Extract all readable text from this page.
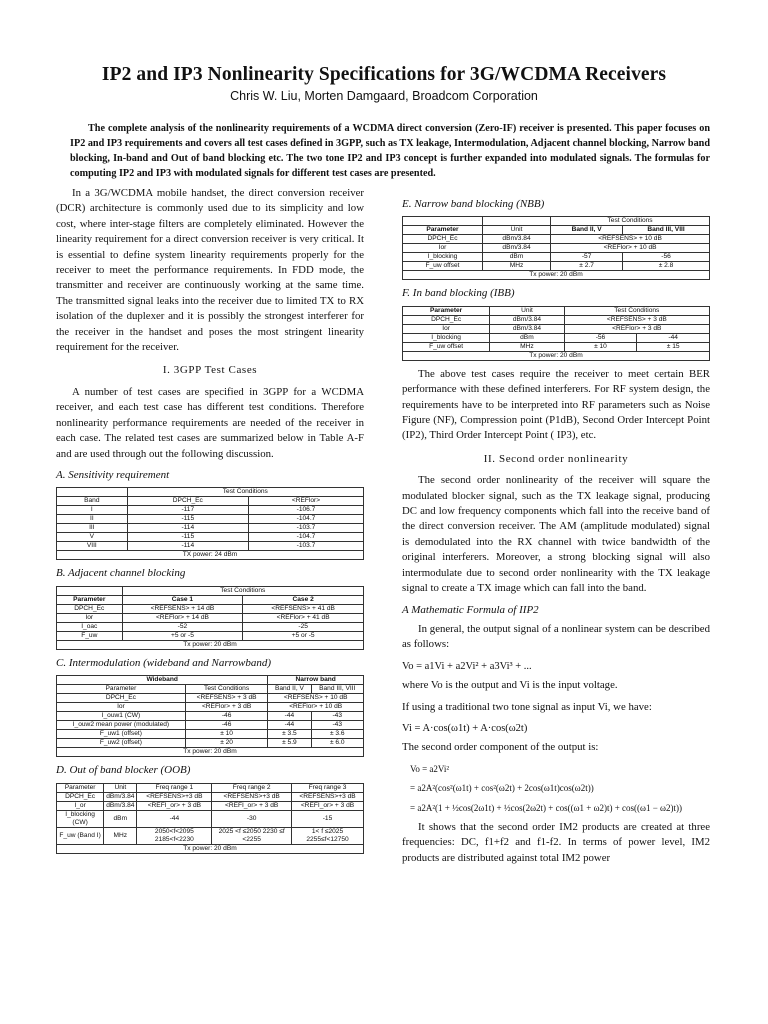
IP2 and IP3 Nonlinearity Specifications for 3G/WCDMA Receivers
Chris W. Liu, Morten Damgaard, Broadcom Corporation
The complete analysis of the nonlinearity requirements of a WCDMA direct conversion (Zero-IF) receiver is presented. This paper focuses on IP2 and IP3 requirements and covers all test cases defined in 3GPP, such as TX leakage, Intermodulation, Adjacent channel blocking, Narrow band blocking, In-band and Out of band blocking etc. The two tone IP2 and IP3 concept is further expanded into modulated signals. The formulas for computing IP2 and IP3 with modulated signals for different test cases are presented.

In a 3G/WCDMA mobile handset, the direct conversion receiver (DCR) architecture is commonly used due to its simplicity and low cost, where inter-stage filters are completely eliminated. However the linearity requirement for a direct conversion receiver is very critical. It is essential to define system linearity requirements properly for the receiver to meet the performance requirements. In FDD mode, the transmitter and receiver are continuously working at the same time. The transmitted signal leaks into the receiver due to limited TX to RX isolation of the duplexer and it is possibly the strongest interferer for the receiver in the handset and poses the most stringent linearity requirement for the receiver.

I. 3GPP Test Cases

A number of test cases are specified in 3GPP for a WCDMA receiver, and each test case has different test conditions. Therefore nonlinearity performance requirements are needed of the receiver in each case. The related test cases are summarized below in Table A-F and are used through out the following discussion.

A. Sensitivity requirement
	Test Conditions	
Band	DPCH_Ec	<REFlor>
I	-117	-106.7
II	-115	-104.7
III	-114	-103.7
V	-115	-104.7
VIII	-114	-103.7
TX power: 24 dBm		
B. Adjacent channel blocking
	Test Conditions	
Parameter	Case 1	Case 2
DPCH_Ec	<REFSENS> + 14 dB	<REFSENS> + 41 dB
Ior	<REFlor> + 14 dB	<REFlor> + 41 dB
I_oac	-52	-25
F_uw	+5 or -5	+5 or -5
Tx power: 20 dBm		
C. Intermodulation (wideband and Narrowband)
Wideband		Narrow band	
Parameter	Test Conditions	Band II, V	Band III, VIII
DPCH_Ec	<REFSENS> + 3 dB	<REFSENS> + 10 dB	
Ior	<REFlor> + 3 dB	<REFlor> + 10 dB	
I_ouw1 (CW)	-46	-44	-43
I_ouw2 mean power (modulated)	-46	-44	-43
F_uw1 (offset)	± 10	± 3.5	± 3.6
F_uw2 (offset)	± 20	± 5.9	± 6.0
Tx power: 20 dBm			
D. Out of band blocker (OOB)
Parameter	Unit	Freq range 1	Freq range 2	Freq range 3
DPCH_Ec	dBm/3.84	<REFSENS>+3 dB	<REFSENS>+3 dB	<REFSENS>+3 dB
I_or	dBm/3.84	<REFI_or> + 3 dB	<REFI_or> + 3 dB	<REFI_or> + 3 dB
I_blocking (CW)	dBm	-44	-30	-15
F_uw (Band I)	MHz	2050<f<2095 2185<f<2230	2025 <f ≤2050 2230 ≤f <2255	1< f ≤2025 2255≤f<12750
Tx power: 20 dBm				
E. Narrow band blocking (NBB)
		Test Conditions	
Parameter	Unit	Band II, V	Band III, VIII
DPCH_Ec	dBm/3.84	<REFSENS> + 10 dB	
Ior	dBm/3.84	<REFlor> + 10 dB	
I_blocking	dBm	-57	-56
F_uw offset	MHz	± 2.7	± 2.8
Tx power: 20 dBm			
F. In band blocking (IBB)
Parameter	Unit	Test Conditions	
DPCH_Ec	dBm/3.84	<REFSENS> + 3 dB	
Ior	dBm/3.84	<REFlor> + 3 dB	
I_blocking	dBm	-56	-44
F_uw offset	MHz	± 10	± 15
Tx power: 20 dBm			

The above test cases require the receiver to meet certain BER performance with these defined interferers. For RF system design, the requirements have to be interpreted into RF parameters such as Noise Figure (NF), Compression point (P1dB), Second Order Intercept Point (IP2), Third Order Intercept Point ( IP3), etc.

II. Second order nonlinearity

The second order nonlinearity of the receiver will square the modulated blocker signal, such as the TX leakage signal, producing DC and low frequency components which fall into the receive band of the direct conversion receiver. The AM (amplitude modulated) signal is demodulated into the RX channel with twice bandwidth of the original interferers. Moreover, a strong blocking signal will also intermodulate due to second order nonlinearity with the TX leakage signal to create a TX image which can fall into the band.

A Mathematic Formula of IIP2

In general, the output signal of a nonlinear system can be described as follows:

Vo = a1Vi + a2Vi² + a3Vi³ + ...

where Vo is the output and Vi is the input voltage.

If using a traditional two tone signal as input Vi, we have:

Vi = A·cos(ω1t) + A·cos(ω2t)

The second order component of the output is:

Vo = a2Vi²
= a2A²(cos²(ω1t) + cos²(ω2t) + 2cos(ω1t)cos(ω2t))
= a2A²(1 + ½cos(2ω1t) + ½cos(2ω2t) + cos((ω1 + ω2)t) + cos((ω1 − ω2)t))

It shows that the second order IM2 products are created at three frequencies: DC, f1+f2 and f1-f2. In terms of power level, IM2 products are distributed against total IM2 power
